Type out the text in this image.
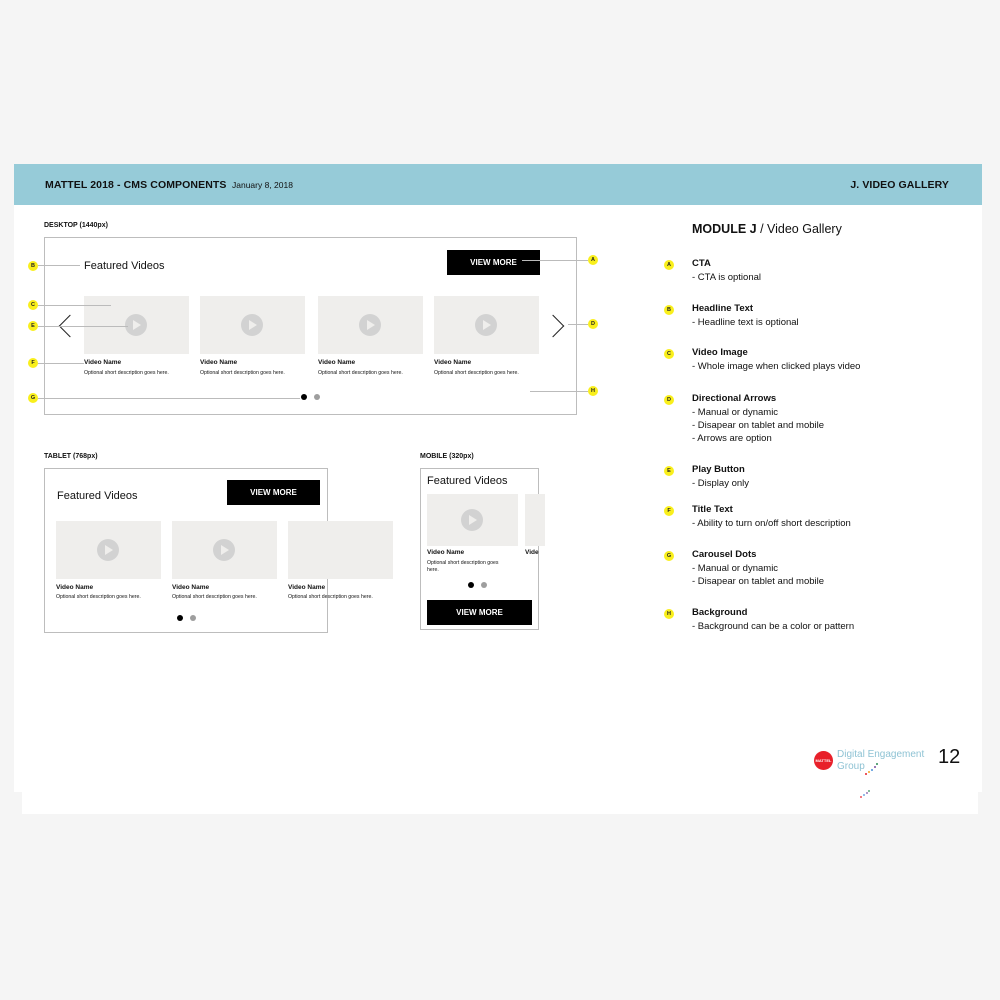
MATTEL 2018 - CMS COMPONENTS January 8, 2018	J. VIDEO GALLERY
DESKTOP (1440px)
Featured Videos	VIEW MORE
Video Name
Optional short description goes here.
Video Name
Optional short description goes here.
Video Name
Optional short description goes here.
Video Name
Optional short description goes here.
B
C
E
F
G
A
D
H
TABLET (768px)
Featured Videos	VIEW MORE
Video Name
Optional short description goes here.
Video Name
Optional short description goes here.
Video Name
Optional short description goes here.
MOBILE (320px)
Featured Videos
Video Name	Vide
Optional short description goes
here.
VIEW MORE
MODULE J / Video Gallery
A	CTA
- CTA is optional
B	Headline Text
- Headline text is optional
C	Video Image
- Whole image when clicked plays video
D	Directional Arrows
- Manual or dynamic
- Disapear on tablet and mobile
- Arrows are option
E	Play Button
- Display only
F	Title Text
- Ability to turn on/off short description
G	Carousel Dots
- Manual or dynamic
- Disapear on tablet and mobile
H	Background
- Background can be a color or pattern
MATTEL
Digital Engagement
Group	12
